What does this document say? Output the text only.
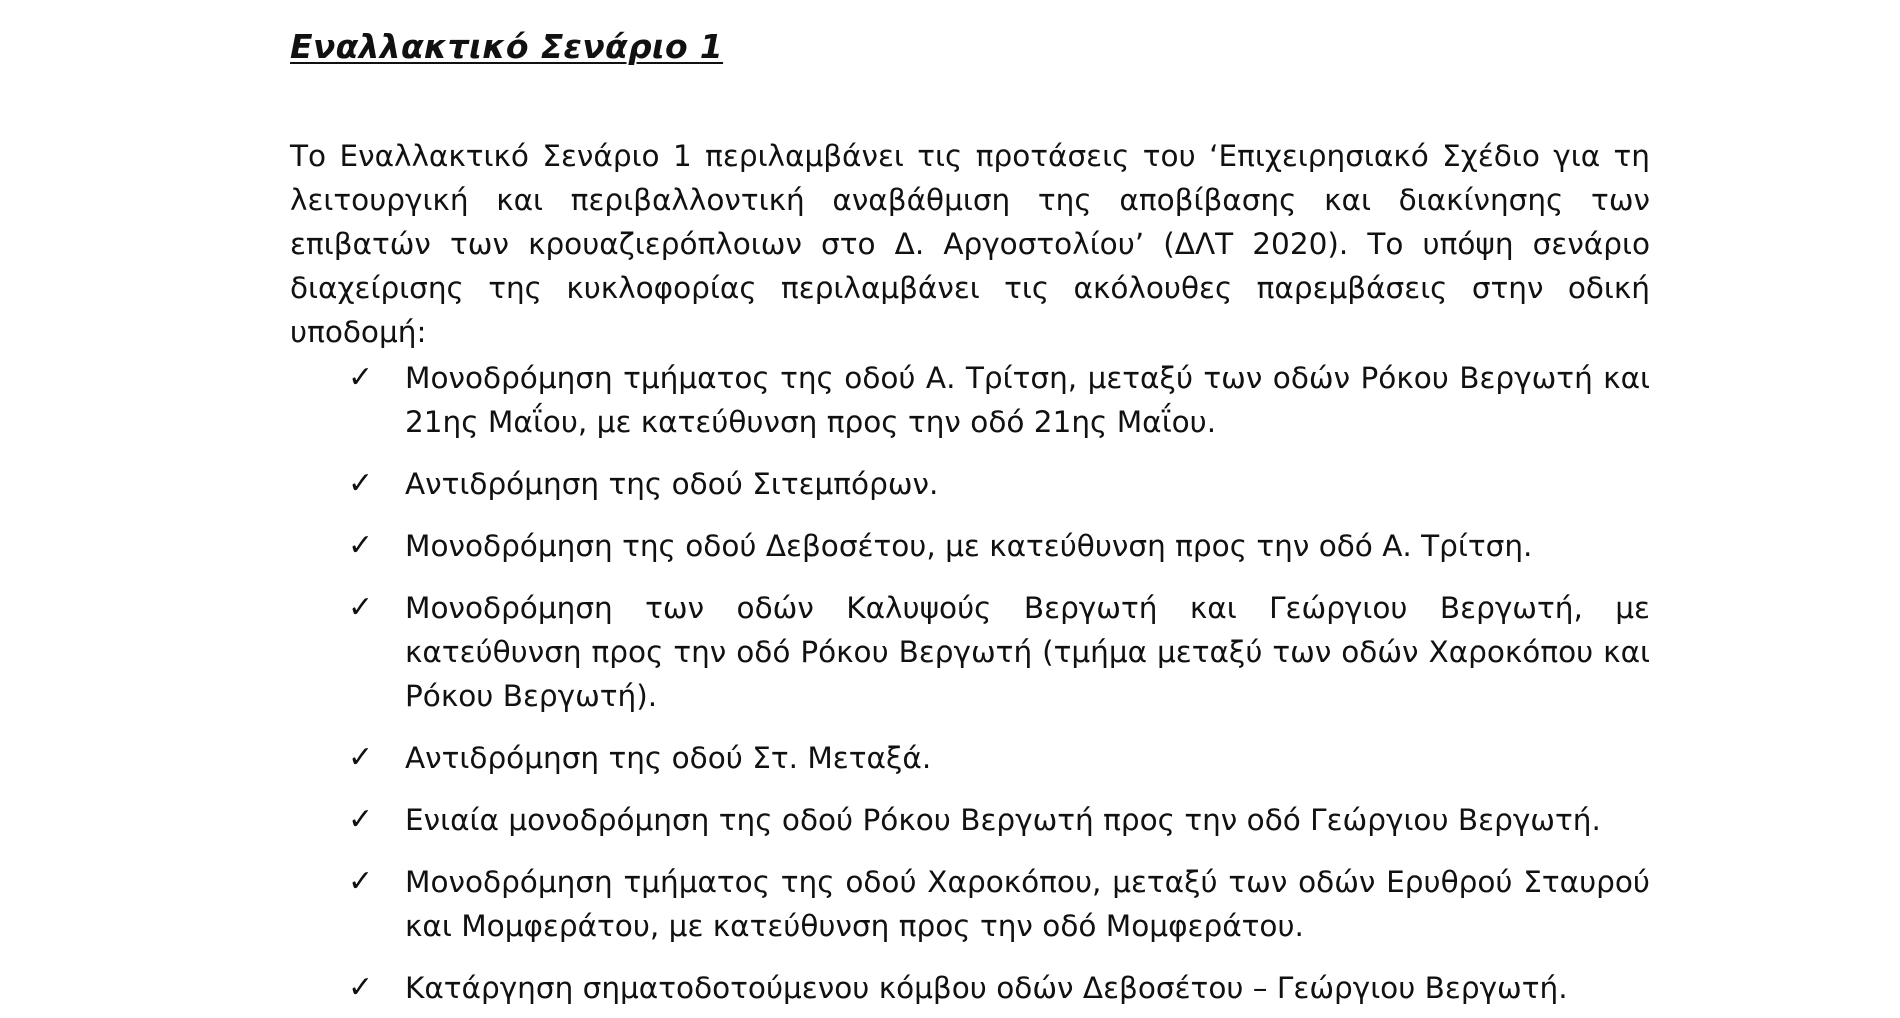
Εναλλακτικό Σενάριο 1

Το Εναλλακτικό Σενάριο 1 περιλαμβάνει τις προτάσεις του ‘Επιχειρησιακό Σχέδιο για τη λειτουργική και περιβαλλοντική αναβάθμιση της αποβίβασης και διακίνησης των επιβατών των κρουαζιερόπλοιων στο Δ. Αργοστολίου’ (ΔΛΤ 2020). Το υπόψη σενάριο διαχείρισης της κυκλοφορίας περιλαμβάνει τις ακόλουθες παρεμβάσεις στην οδική υποδομή:

✓ Μονοδρόμηση τμήματος της οδού Α. Τρίτση, μεταξύ των οδών Ρόκου Βεργωτή και 21ης Μαΐου, με κατεύθυνση προς την οδό 21ης Μαΐου.
✓ Αντιδρόμηση της οδού Σιτεμπόρων.
✓ Μονοδρόμηση της οδού Δεβοσέτου, με κατεύθυνση προς την οδό Α. Τρίτση.
✓ Μονοδρόμηση των οδών Καλυψούς Βεργωτή και Γεώργιου Βεργωτή, με κατεύθυνση προς την οδό Ρόκου Βεργωτή (τμήμα μεταξύ των οδών Χαροκόπου και Ρόκου Βεργωτή).
✓ Αντιδρόμηση της οδού Στ. Μεταξά.
✓ Ενιαία μονοδρόμηση της οδού Ρόκου Βεργωτή προς την οδό Γεώργιου Βεργωτή.
✓ Μονοδρόμηση τμήματος της οδού Χαροκόπου, μεταξύ των οδών Ερυθρού Σταυρού και Μομφεράτου, με κατεύθυνση προς την οδό Μομφεράτου.
✓ Κατάργηση σηματοδοτούμενου κόμβου οδών Δεβοσέτου – Γεώργιου Βεργωτή.
